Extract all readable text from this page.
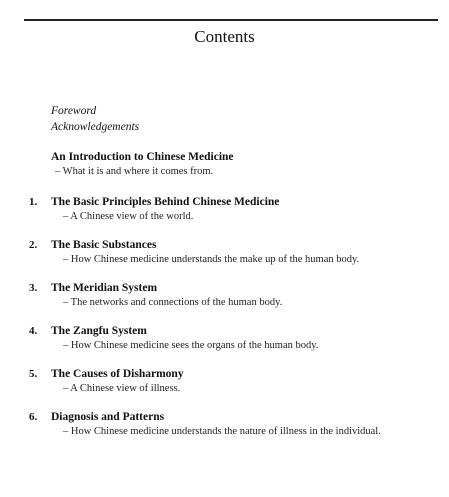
Contents
Foreword
Acknowledgements
An Introduction to Chinese Medicine
– What it is and where it comes from.
1.	The Basic Principles Behind Chinese Medicine
– A Chinese view of the world.
2.	The Basic Substances
– How Chinese medicine understands the make up of the human body.
3.	The Meridian System
– The networks and connections of the human body.
4.	The Zangfu System
– How Chinese medicine sees the organs of the human body.
5.	The Causes of Disharmony
– A Chinese view of illness.
6.	Diagnosis and Patterns
– How Chinese medicine understands the nature of illness in the individual.
